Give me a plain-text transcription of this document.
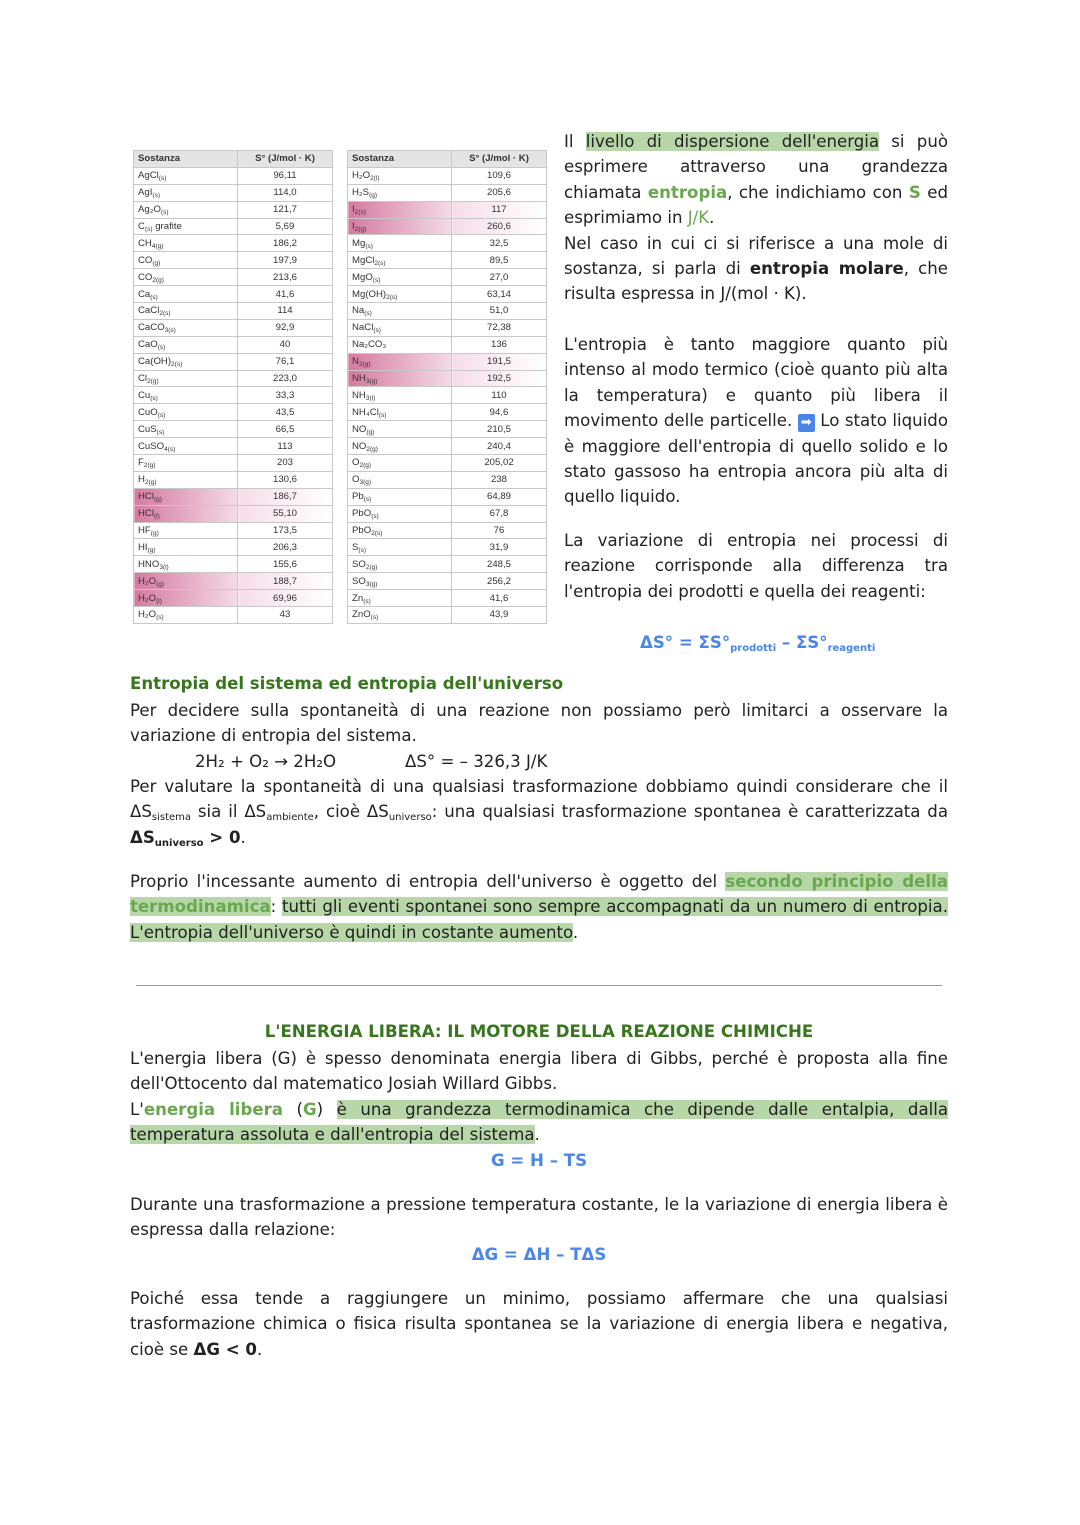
Sostanza	S° (J/mol · K)
AgCl$_{(s)}$	96,11
AgI$_{(s)}$	114,0
$Ag_2O_{(s)}$	121,7
$C_{(s)}$ grafite	5,69
$CH_{4(g)}$	186,2
$CO_{(g)}$	197,9
$CO_{2(g)}$	213,6
$Ca_{(s)}$	41,6
CaCl$_{2(s)}$	114
CaCO$_{3(s)}$	92,9
CaO$_{(s)}$	40
$Ca(OH)_{2(s)}$	76,1
$Cl_{2(g)}$	223,0
$Cu_{(s)}$	33,3
CuO$_{(s)}$	43,5
CuS$_{(s)}$	66,5
CuSO$_{4(s)}$	113
$F_{2(g)}$	203
$H_{2(g)}$	130,6
HCl$_{(g)}$	186,7
HCl$_{(l)}$	55,10
$HF_{(g)}$	173,5
$HI_{(g)}$	206,3
$HNO_{3(l)}$	155,6
$H_2O_{(g)}$	188,7
$H_2O_{(l)}$	69,96
$H_2O_{(s)}$	43
Sostanza	S° (J/mol · K)
$H_2O_{2(l)}$	109,6
$H_2S_{(g)}$	205,6
$I_{2(s)}$	117
$I_{2(g)}$	260,6
$Mg_{(s)}$	32,5
MgCl$_{2(s)}$	89,5
MgO$_{(s)}$	27,0
$Mg(OH)_{2(s)}$	63,14
$Na_{(s)}$	51,0
NaCl$_{(s)}$	72,38
Na₂CO₃	136
$N_{2(g)}$	191,5
$NH_{3(g)}$	192,5
$NH_{3(l)}$	110
$NH_4Cl_{(s)}$	94,6
$NO_{(g)}$	210,5
$NO_{2(g)}$	240,4
$O_{2(g)}$	205,02
$O_{3(g)}$	238
$Pb_{(s)}$	64,89
PbO$_{(s)}$	67,8
PbO$_{2(s)}$	76
$S_{(s)}$	31,9
$SO_{2(g)}$	248,5
$SO_{3(g)}$	256,2
$Zn_{(s)}$	41,6
ZnO$_{(s)}$	43,9
Il livello di dispersione dell'energia si può esprimere attraverso una grandezza chiamata entropia, che indichiamo con S ed esprimiamo in J/K.
Nel caso in cui ci si riferisce a una mole di sostanza, si parla di entropia molare, che risulta espressa in J/(mol · K).
L'entropia è tanto maggiore quanto più intenso al modo termico (cioè quanto più alta la temperatura) e quanto più libera il movimento delle particelle. ➡ Lo stato liquido è maggiore dell'entropia di quello solido e lo stato gassoso ha entropia ancora più alta di quello liquido.
La variazione di entropia nei processi di reazione corrisponde alla differenza tra l'entropia dei prodotti e quella dei reagenti:
$\Delta S^\circ = \Sigma S^\circ_{prodotti} - \Sigma S^\circ_{reagenti}$
Entropia del sistema ed entropia dell'universo
Per decidere sulla spontaneità di una reazione non possiamo però limitarci a osservare la variazione di entropia del sistema.
2H₂ + O₂ → 2H₂O	ΔS° = – 326,3 J/K
Per valutare la spontaneità di una qualsiasi trasformazione dobbiamo quindi considerare che il $\Delta S_{sistema}$ sia il $\Delta S_{ambiente}$, cioè $\Delta S_{universo}$: una qualsiasi trasformazione spontanea è caratterizzata da $\Delta S_{universo} > 0$.
Proprio l'incessante aumento di entropia dell'universo è oggetto del secondo principio della termodinamica: tutti gli eventi spontanei sono sempre accompagnati da un numero di entropia. L'entropia dell'universo è quindi in costante aumento.
L'ENERGIA LIBERA: IL MOTORE DELLA REAZIONE CHIMICHE
L'energia libera (G) è spesso denominata energia libera di Gibbs, perché è proposta alla fine dell'Ottocento dal matematico Josiah Willard Gibbs.
L'energia libera (G) è una grandezza termodinamica che dipende dalle entalpia, dalla temperatura assoluta e dall'entropia del sistema.
G = H – TS
Durante una trasformazione a pressione temperatura costante, le la variazione di energia libera è espressa dalla relazione:
ΔG = ΔH – TΔS
Poiché essa tende a raggiungere un minimo, possiamo affermare che una qualsiasi trasformazione chimica o fisica risulta spontanea se la variazione di energia libera e negativa, cioè se ΔG < 0.
